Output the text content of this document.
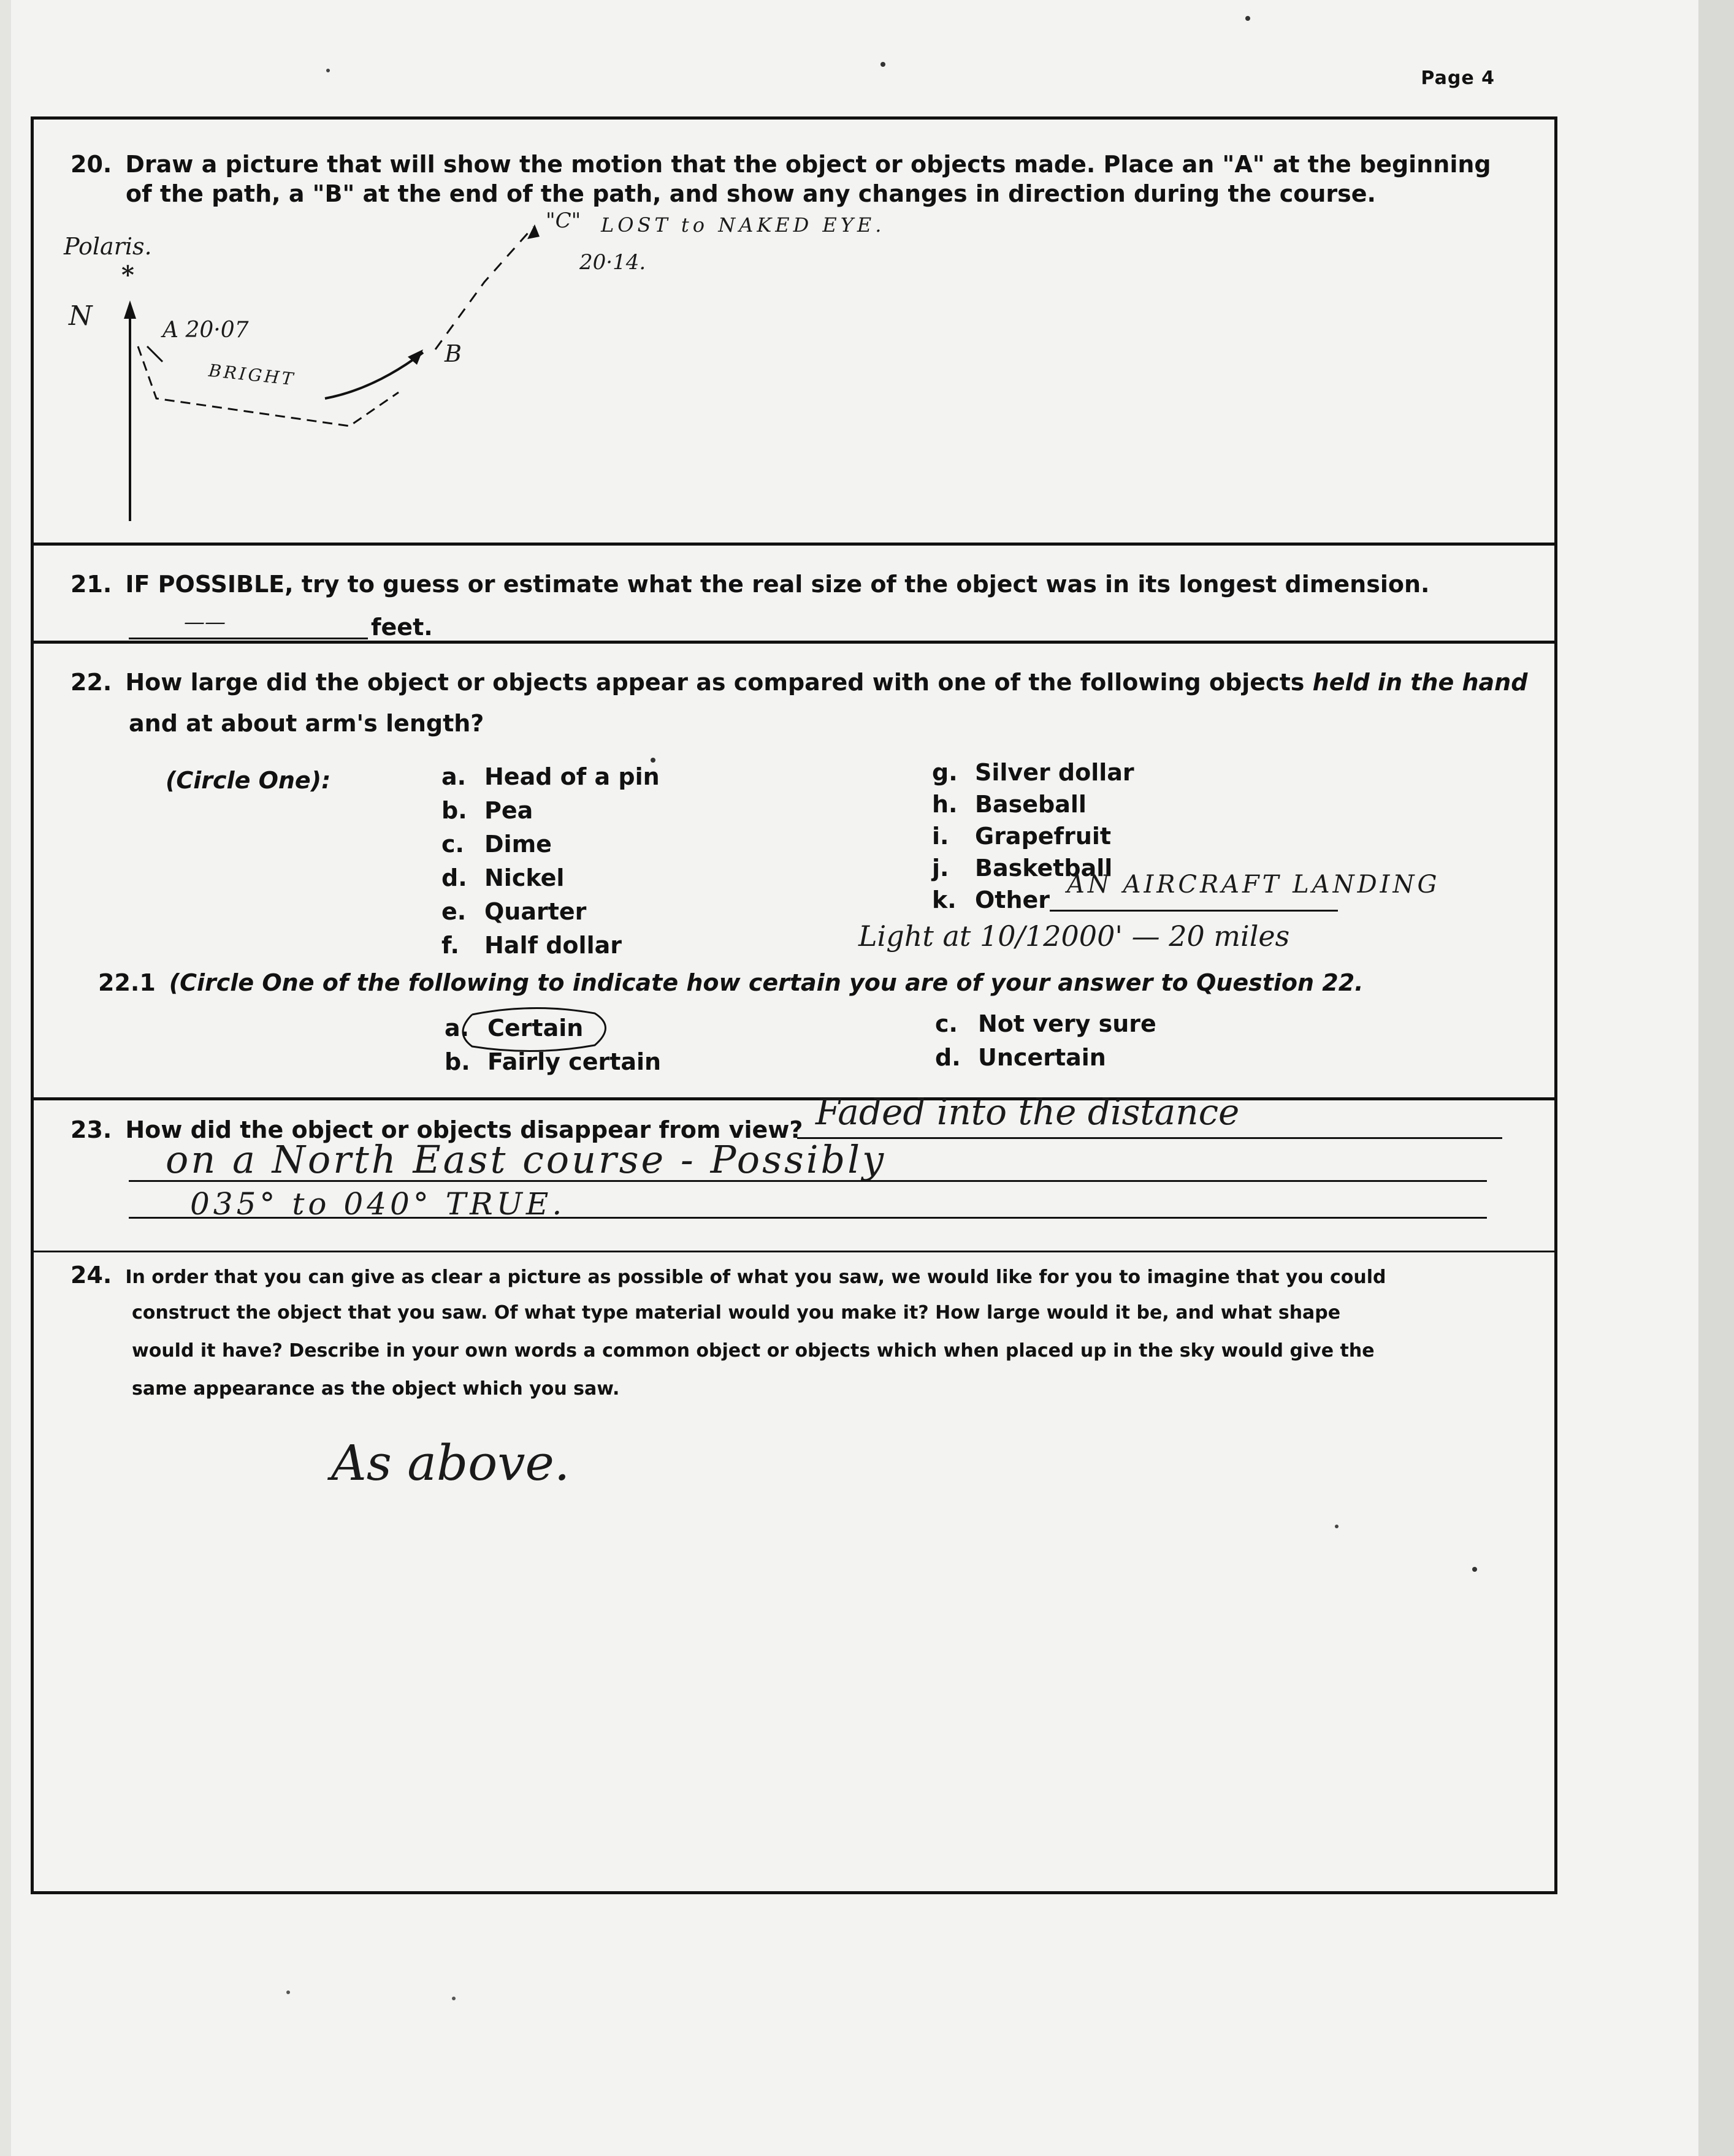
Page 4
20. Draw a picture that will show the motion that the object or objects made. Place an "A" at the beginning
of the path, a "B" at the end of the path, and show any changes in direction during the course.
Polaris.
*
N	A 20·07
BRIGHT
B
"C" LOST to NAKED EYE.
20·14.
21. IF POSSIBLE, try to guess or estimate what the real size of the object was in its longest dimension.
——	feet.
22. How large did the object or objects appear as compared with one of the following objects held in the hand
and at about arm's length?
(Circle One):	a. Head of a pin
b. Pea
c. Dime
d. Nickel
e. Quarter
f. Half dollar
g. Silver dollar
h. Baseball
i. Grapefruit
j. Basketball
k. Other
AN AIRCRAFT LANDING
Light at 10/12000' — 20 miles
22.1 (Circle One of the following to indicate how certain you are of your answer to Question 22.
a. Certain
b. Fairly certain
c. Not very sure
d. Uncertain
23. How did the object or objects disappear from view? Faded into the distance
on a North East course - Possibly
035° to 040° TRUE.
24. In order that you can give as clear a picture as possible of what you saw, we would like for you to imagine that you could
construct the object that you saw. Of what type material would you make it? How large would it be, and what shape
would it have? Describe in your own words a common object or objects which when placed up in the sky would give the
same appearance as the object which you saw.
As above.
